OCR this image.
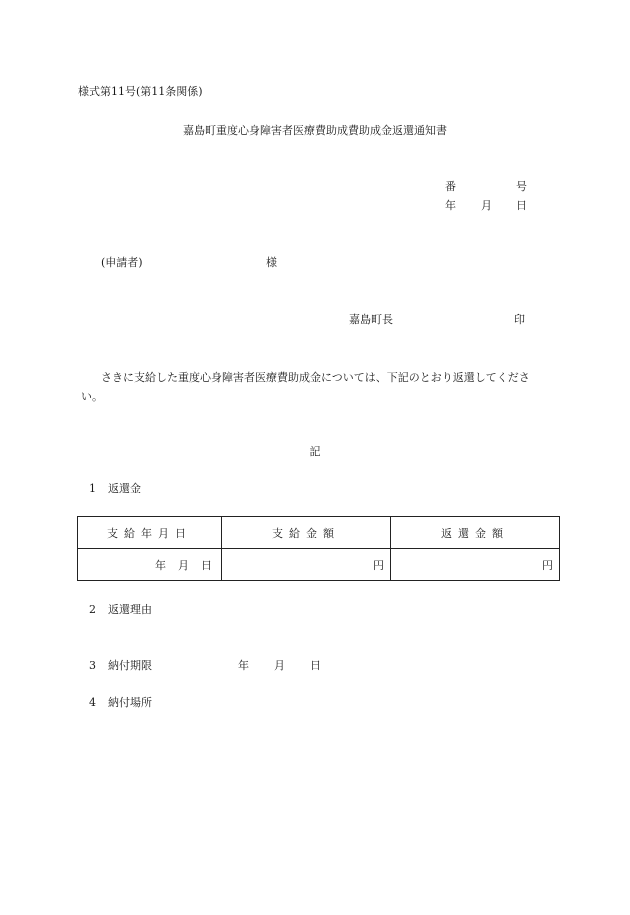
様式第11号(第11条関係)
嘉島町重度心身障害者医療費助成費助成金返還通知書
番	号
年 月 日
(申請者)	様
嘉島町長	印
さきに支給した重度心身障害者医療費助成金については、下記のとおり返還してください。
記
1 返還金
支給年月日	支給金額	返還金額
年 月 日	円	円
2 返還理由
3 納付期限	年 月 日
4 納付場所
